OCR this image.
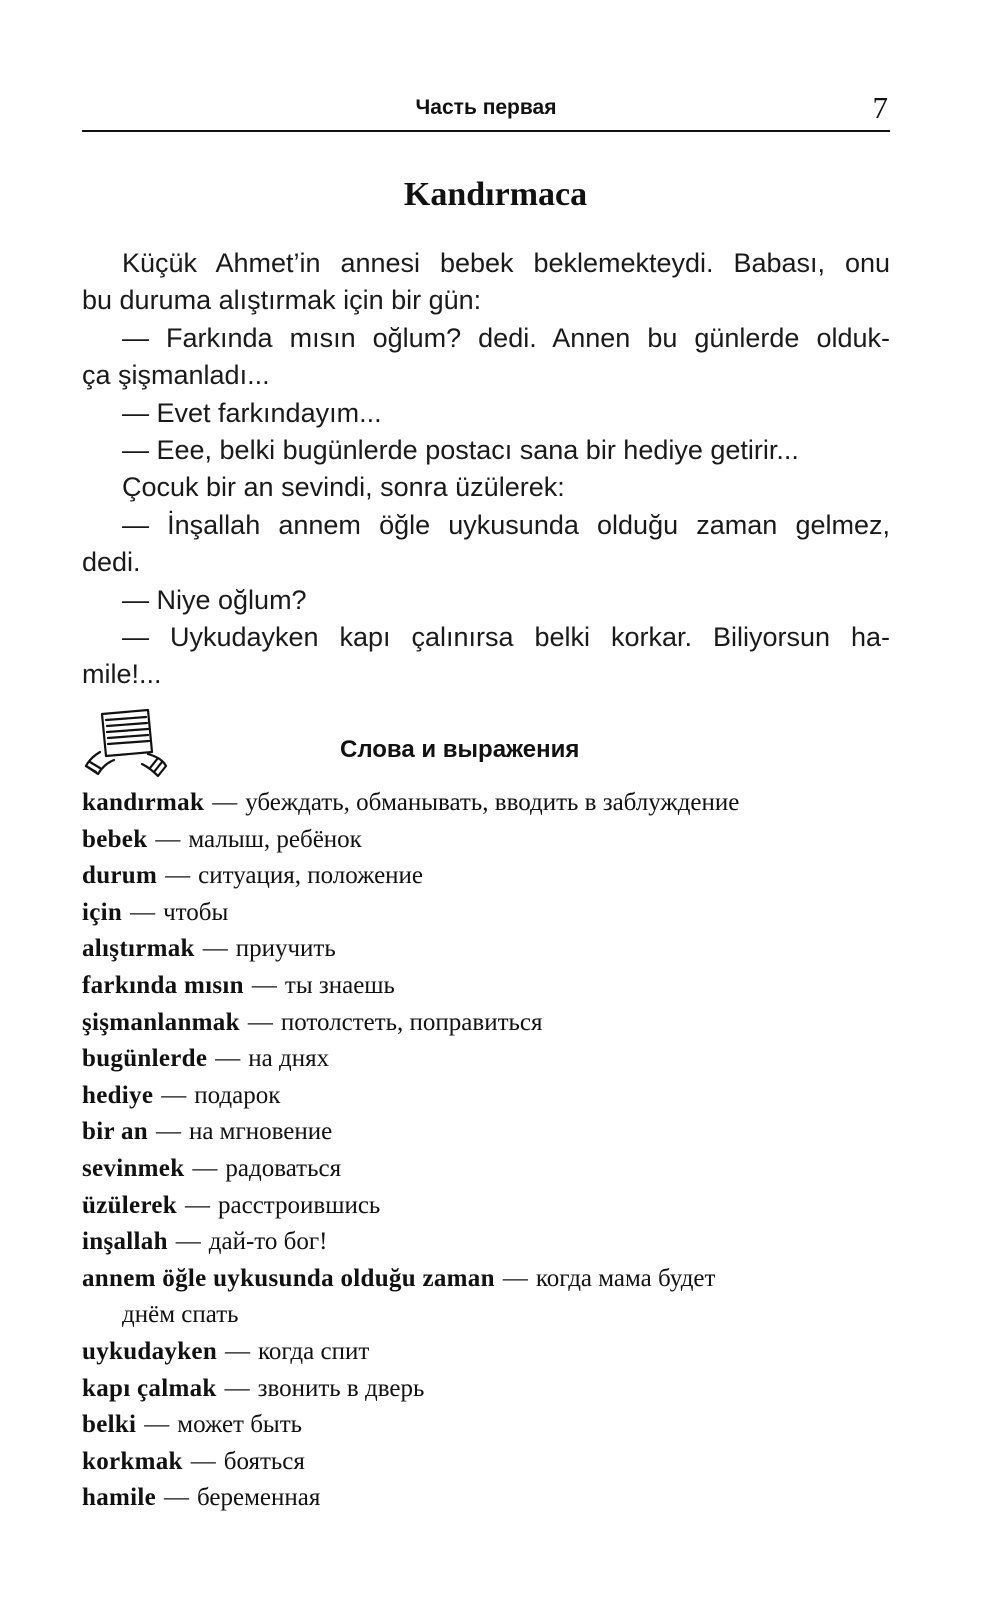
Часть первая	7
Kandırmaca
Küçük Ahmet’in annesi bebek beklemekteydi. Babası, onu
bu duruma alıştırmak için bir gün:
— Farkında mısın oğlum? dedi. Annen bu günlerde olduk-
ça şişmanladı...
— Evet farkındayım...
— Eee, belki bugünlerde postacı sana bir hediye getirir...
Çocuk bir an sevindi, sonra üzülerek:
— İnşallah annem öğle uykusunda olduğu zaman gelmez,
dedi.
— Niye oğlum?
— Uykudayken kapı çalınırsa belki korkar. Biliyorsun ha-
mile!...
Слова и выражения
kandırmak — убеждать, обманывать, вводить в заблуждение
bebek — малыш, ребёнок
durum — ситуация, положение
için — чтобы
alıştırmak — приучить
farkında mısın — ты знаешь
şişmanlanmak — потолстеть, поправиться
bugünlerde — на днях
hediye — подарок
bir an — на мгновение
sevinmek — радоваться
üzülerek — расстроившись
inşallah — дай-то бог!
annem öğle uykusunda olduğu zaman — когда мама будет
днём спать
uykudayken — когда спит
kapı çalmak — звонить в дверь
belki — может быть
korkmak — бояться
hamile — беременная
